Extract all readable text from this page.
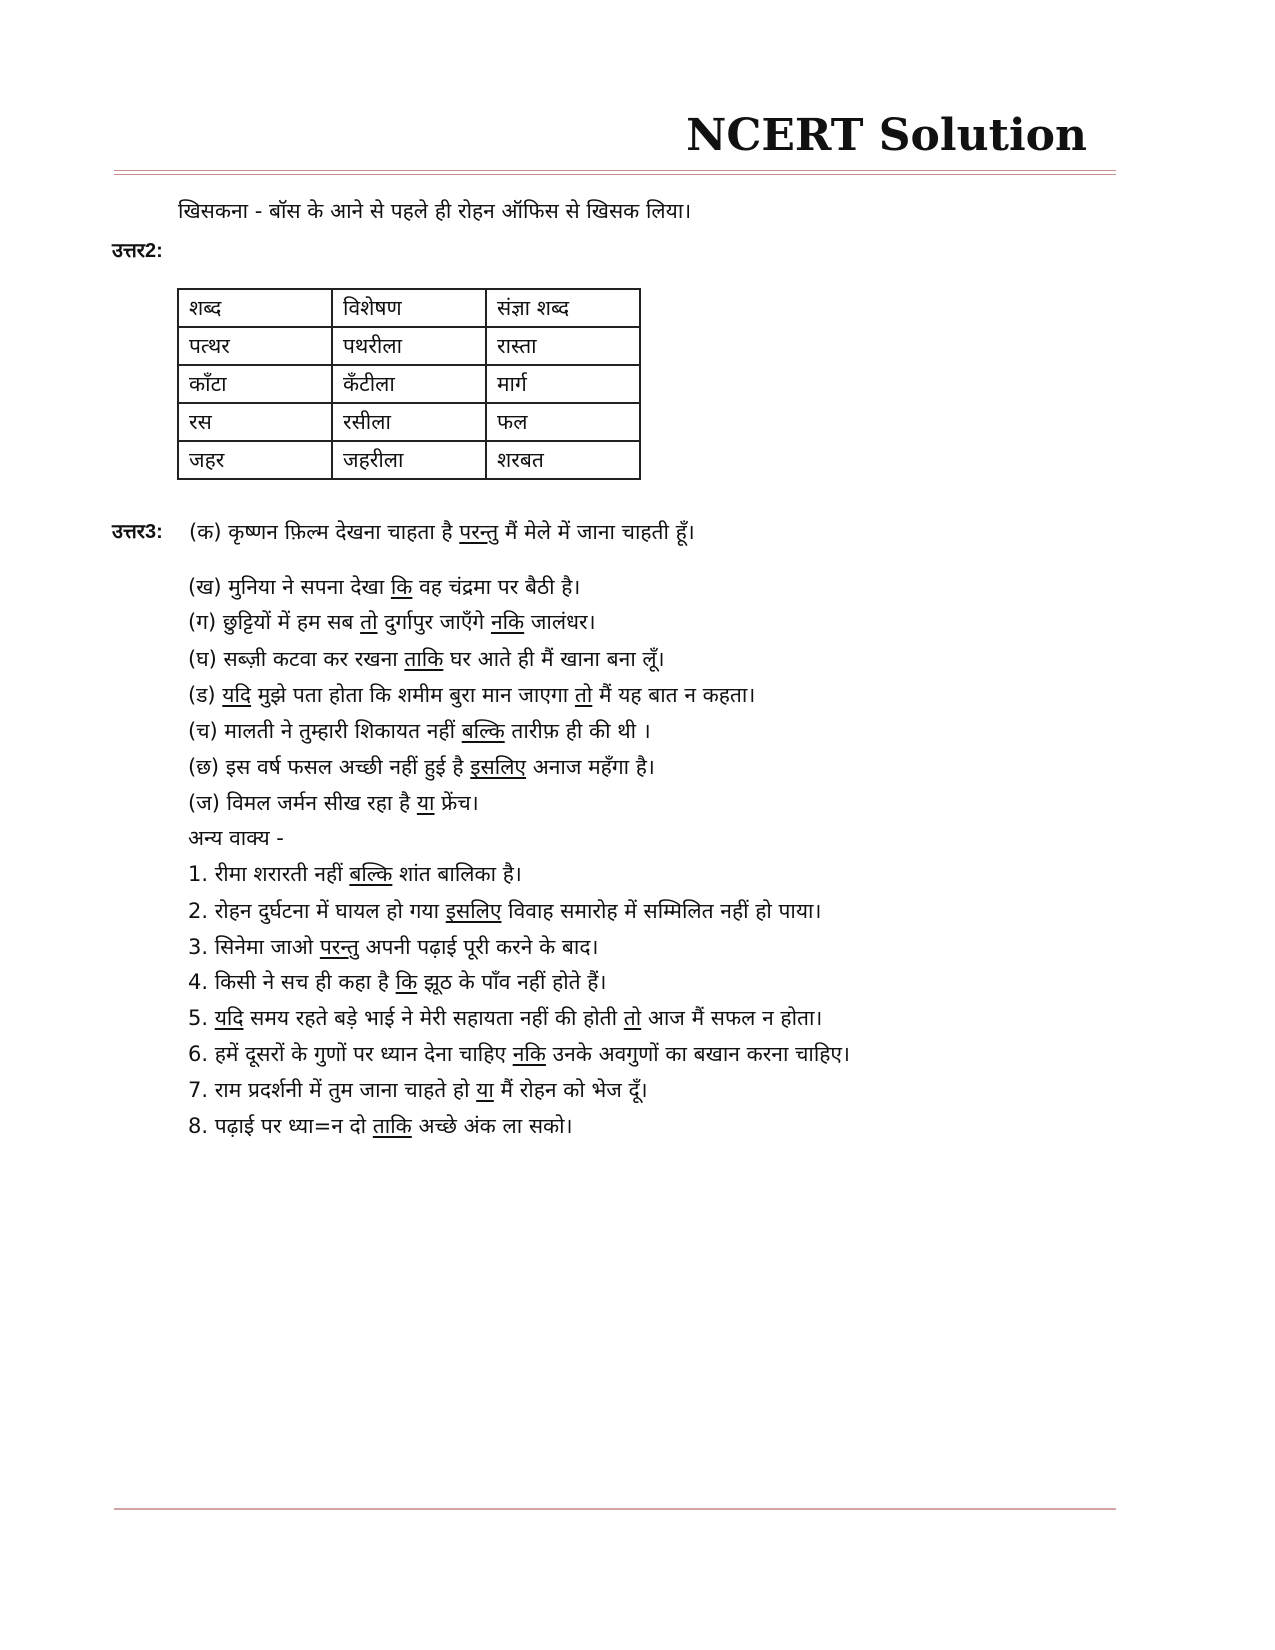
NCERT Solution
खिसकना - बॉस के आने से पहले ही रोहन ऑफिस से खिसक लिया।
उत्तर2:
शब्द	विशेषण	संज्ञा शब्द
पत्थर	पथरीला	रास्ता
काँटा	कँटीला	मार्ग
रस	रसीला	फल
जहर	जहरीला	शरबत
उत्तर3: (क) कृष्णन फ़िल्म देखना चाहता है परन्तु मैं मेले में जाना चाहती हूँ।
(ख) मुनिया ने सपना देखा कि वह चंद्रमा पर बैठी है।
(ग) छुट्टियों में हम सब तो दुर्गापुर जाएँगे नकि जालंधर।
(घ) सब्ज़ी कटवा कर रखना ताकि घर आते ही मैं खाना बना लूँ।
(ड) यदि मुझे पता होता कि शमीम बुरा मान जाएगा तो मैं यह बात न कहता।
(च) मालती ने तुम्हारी शिकायत नहीं बल्कि तारीफ़ ही की थी ।
(छ) इस वर्ष फसल अच्छी नहीं हुई है इसलिए अनाज महँगा है।
(ज) विमल जर्मन सीख रहा है या फ्रेंच।
अन्य वाक्य -
1. रीमा शरारती नहीं बल्कि शांत बालिका है।
2. रोहन दुर्घटना में घायल हो गया इसलिए विवाह समारोह में सम्मिलित नहीं हो पाया।
3. सिनेमा जाओ परन्तु अपनी पढ़ाई पूरी करने के बाद।
4. किसी ने सच ही कहा है कि झूठ के पाँव नहीं होते हैं।
5. यदि समय रहते बड़े भाई ने मेरी सहायता नहीं की होती तो आज मैं सफल न होता।
6. हमें दूसरों के गुणों पर ध्यान देना चाहिए नकि उनके अवगुणों का बखान करना चाहिए।
7. राम प्रदर्शनी में तुम जाना चाहते हो या मैं रोहन को भेज दूँ।
8. पढ़ाई पर ध्या=न दो ताकि अच्छे अंक ला सको।
